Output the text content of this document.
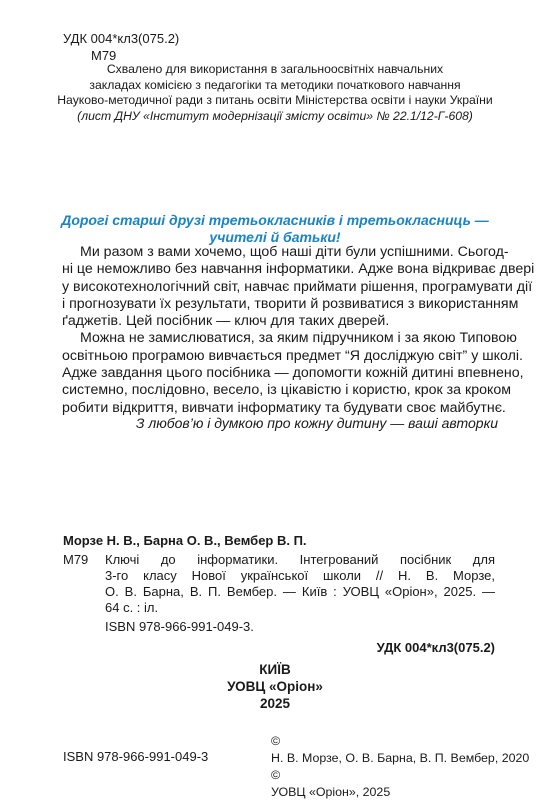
УДК 004*кл3(075.2)
М79
Схвалено для використання в загальноосвітніх навчальних
закладах комісією з педагогіки та методики початкового навчання
Науково-методичної ради з питань освіти Міністерства освіти і науки України
(лист ДНУ «Інститут модернізації змісту освіти» № 22.1/12-Г-608)
Дорогі старші друзі третьокласників і третьокласниць —
учителі й батьки!

Ми разом з вами хочемо, щоб наші діти були успішними. Сьогод-
ні це неможливо без навчання інформатики. Адже вона відкриває двері
у високотехнологічний світ, навчає приймати рішення, програмувати дії
і прогнозувати їх результати, творити й розвиватися з використанням
ґаджетів. Цей посібник — ключ для таких дверей.

Можна не замислюватися, за яким підручником і за якою Типовою
освітньою програмою вивчається предмет “Я досліджую світ” у школі.
Адже завдання цього посібника — допомогти кожній дитині впевнено,
системно, послідовно, весело, із цікавістю і користю, крок за кроком
робити відкриття, вивчати інформатику та будувати своє майбутнє.

З любов’ю і думкою про кожну дитину — ваші авторки
Морзе Н. В., Барна О. В., Вембер В. П.
М79 Ключі до інформатики. Інтегрований посібник для
3-го класу Нової української школи // Н. В. Морзе,
О. В. Барна, В. П. Вембер. — Київ : УОВЦ «Оріон», 2025. —
64 с. : іл.
ISBN 978-966-991-049-3.
УДК 004*кл3(075.2)
КИЇВ
УОВЦ «Оріон»
2025
ISBN 978-966-991-049-3
©
Н. В. Морзе, О. В. Барна, В. П. Вембер, 2020
©
УОВЦ «Оріон», 2025
